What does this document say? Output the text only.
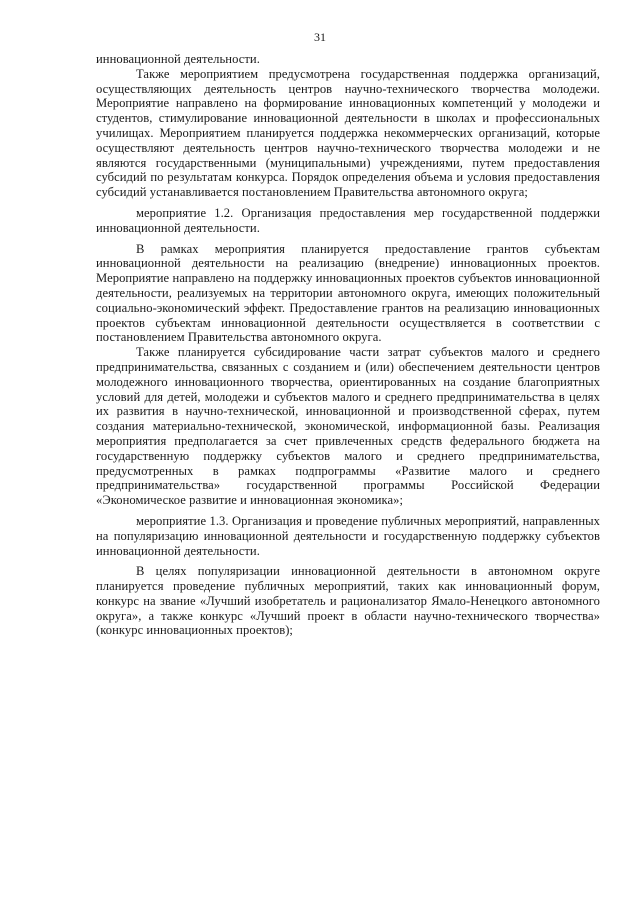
31

инновационной деятельности.

Также мероприятием предусмотрена государственная поддержка организаций, осуществляющих деятельность центров научно-технического творчества молодежи. Мероприятие направлено на формирование инновационных компетенций у молодежи и студентов, стимулирование инновационной деятельности в школах и профессиональных училищах. Мероприятием планируется поддержка некоммерческих организаций, которые осуществляют деятельность центров научно-технического творчества молодежи и не являются государственными (муниципальными) учреждениями, путем предоставления субсидий по результатам конкурса. Порядок определения объема и условия предоставления субсидий устанавливается постановлением Правительства автономного округа;

мероприятие 1.2. Организация предоставления мер государственной поддержки инновационной деятельности.

В рамках мероприятия планируется предоставление грантов субъектам инновационной деятельности на реализацию (внедрение) инновационных проектов. Мероприятие направлено на поддержку инновационных проектов субъектов инновационной деятельности, реализуемых на территории автономного округа, имеющих положительный социально-экономический эффект. Предоставление грантов на реализацию инновационных проектов субъектам инновационной деятельности осуществляется в соответствии с постановлением Правительства автономного округа.

Также планируется субсидирование части затрат субъектов малого и среднего предпринимательства, связанных с созданием и (или) обеспечением деятельности центров молодежного инновационного творчества, ориентированных на создание благоприятных условий для детей, молодежи и субъектов малого и среднего предпринимательства в целях их развития в научно-технической, инновационной и производственной сферах, путем создания материально-технической, экономической, информационной базы. Реализация мероприятия предполагается за счет привлеченных средств федерального бюджета на государственную поддержку субъектов малого и среднего предпринимательства, предусмотренных в рамках подпрограммы «Развитие малого и среднего предпринимательства» государственной программы Российской Федерации «Экономическое развитие и инновационная экономика»;

мероприятие 1.3. Организация и проведение публичных мероприятий, направленных на популяризацию инновационной деятельности и государственную поддержку субъектов инновационной деятельности.

В целях популяризации инновационной деятельности в автономном округе планируется проведение публичных мероприятий, таких как инновационный форум, конкурс на звание «Лучший изобретатель и рационализатор Ямало-Ненецкого автономного округа», а также конкурс «Лучший проект в области научно-технического творчества» (конкурс инновационных проектов);
